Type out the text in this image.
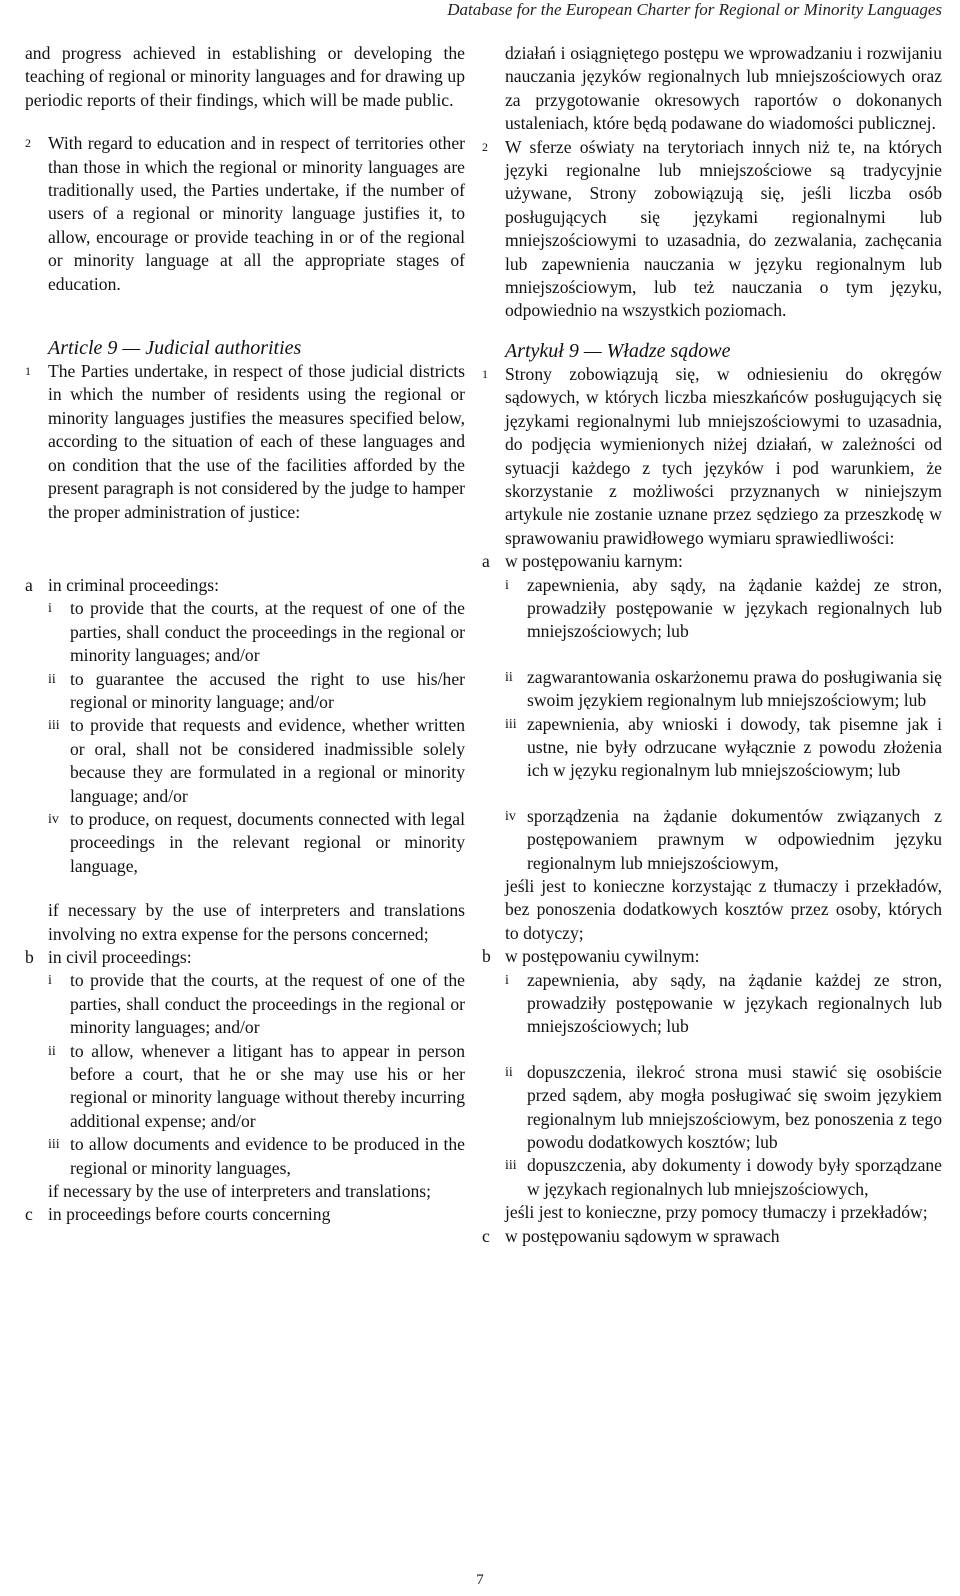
Database for the European Charter for Regional or Minority Languages

and progress achieved in establishing or developing the teaching of regional or minority languages and for drawing up periodic reports of their findings, which will be made public.

2 With regard to education and in respect of territories other than those in which the regional or minority languages are traditionally used, the Parties undertake, if the number of users of a regional or minority language justifies it, to allow, encourage or provide teaching in or of the regional or minority language at all the appropriate stages of education.

Article 9 — Judicial authorities
1 The Parties undertake, in respect of those judicial districts in which the number of residents using the regional or minority languages justifies the measures specified below, according to the situation of each of these languages and on condition that the use of the facilities afforded by the present paragraph is not considered by the judge to hamper the proper administration of justice:

a in criminal proceedings:
i to provide that the courts, at the request of one of the parties, shall conduct the proceedings in the regional or minority languages; and/or

ii to guarantee the accused the right to use his/her regional or minority language; and/or

iii to provide that requests and evidence, whether written or oral, shall not be considered inadmissible solely because they are formulated in a regional or minority language; and/or

iv to produce, on request, documents connected with legal proceedings in the relevant regional or minority language,

if necessary by the use of interpreters and translations involving no extra expense for the persons concerned;
b in civil proceedings:
i to provide that the courts, at the request of one of the parties, shall conduct the proceedings in the regional or minority languages; and/or

ii to allow, whenever a litigant has to appear in person before a court, that he or she may use his or her regional or minority language without thereby incurring additional expense; and/or

iii to allow documents and evidence to be produced in the regional or minority languages,

if necessary by the use of interpreters and translations;
c in proceedings before courts concerning

działań i osiągniętego postępu we wprowadzaniu i rozwijaniu nauczania języków regionalnych lub mniejszościowych oraz za przygotowanie okresowych raportów o dokonanych ustaleniach, które będą podawane do wiadomości publicznej.

2 W sferze oświaty na terytoriach innych niż te, na których języki regionalne lub mniejszościowe są tradycyjnie używane, Strony zobowiązują się, jeśli liczba osób posługujących się językami regionalnymi lub mniejszościowymi to uzasadnia, do zezwalania, zachęcania lub zapewnienia nauczania w języku regionalnym lub mniejszościowym, lub też nauczania o tym języku, odpowiednio na wszystkich poziomach.

Artykuł 9 — Władze sądowe
1 Strony zobowiązują się, w odniesieniu do okręgów sądowych, w których liczba mieszkańców posługujących się językami regionalnymi lub mniejszościowymi to uzasadnia, do podjęcia wymienionych niżej działań, w zależności od sytuacji każdego z tych języków i pod warunkiem, że skorzystanie z możliwości przyznanych w niniejszym artykule nie zostanie uznane przez sędziego za przeszkodę w sprawowaniu prawidłowego wymiaru sprawiedliwości:

a w postępowaniu karnym:
i zapewnienia, aby sądy, na żądanie każdej ze stron, prowadziły postępowanie w językach regionalnych lub mniejszościowych; lub

ii zagwarantowania oskarżonemu prawa do posługiwania się swoim językiem regionalnym lub mniejszościowym; lub

iii zapewnienia, aby wnioski i dowody, tak pisemne jak i ustne, nie były odrzucane wyłącznie z powodu złożenia ich w języku regionalnym lub mniejszościowym; lub

iv sporządzenia na żądanie dokumentów związanych z postępowaniem prawnym w odpowiednim języku regionalnym lub mniejszościowym,

jeśli jest to konieczne korzystając z tłumaczy i przekładów, bez ponoszenia dodatkowych kosztów przez osoby, których to dotyczy;
b w postępowaniu cywilnym:
i zapewnienia, aby sądy, na żądanie każdej ze stron, prowadziły postępowanie w językach regionalnych lub mniejszościowych; lub

ii dopuszczenia, ilekroć strona musi stawić się osobiście przed sądem, aby mogła posługiwać się swoim językiem regionalnym lub mniejszościowym, bez ponoszenia z tego powodu dodatkowych kosztów; lub

iii dopuszczenia, aby dokumenty i dowody były sporządzane w językach regionalnych lub mniejszościowych,

jeśli jest to konieczne, przy pomocy tłumaczy i przekładów;
c w postępowaniu sądowym w sprawach
7
